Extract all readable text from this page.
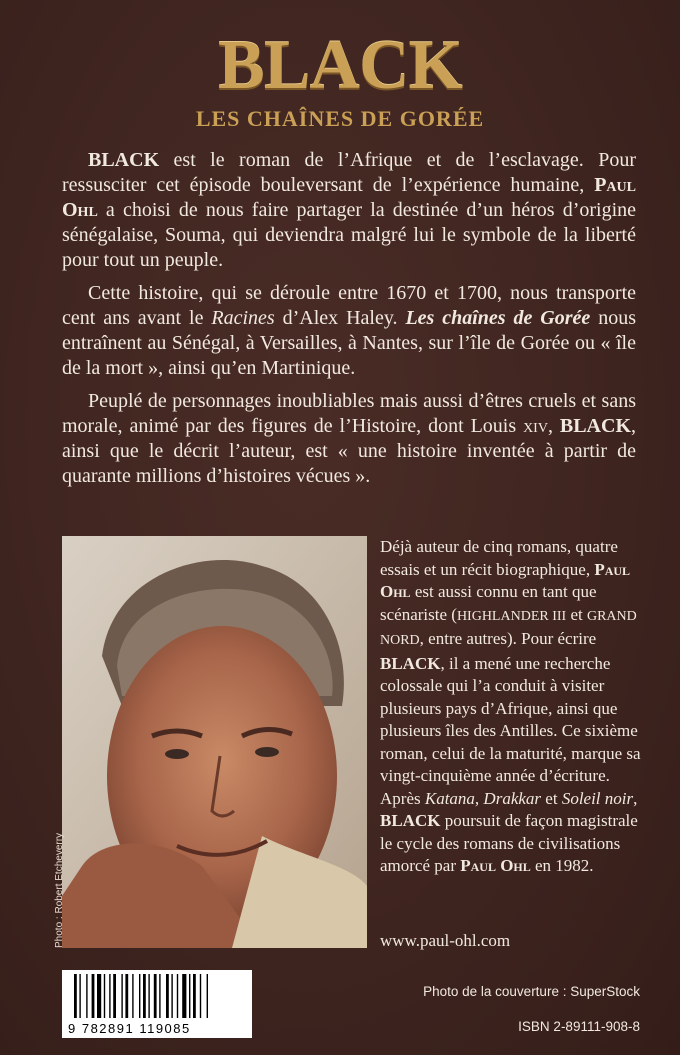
BLACK
LES CHAÎNES DE GORÉE

BLACK est le roman de l’Afrique et de l’esclavage. Pour ressusciter cet épisode bouleversant de l’expérience humaine, Paul Ohl a choisi de nous faire partager la destinée d’un héros d’origine sénégalaise, Souma, qui deviendra malgré lui le symbole de la liberté pour tout un peuple.

Cette histoire, qui se déroule entre 1670 et 1700, nous transporte cent ans avant le Racines d’Alex Haley. Les chaînes de Gorée nous entraînent au Sénégal, à Versailles, à Nantes, sur l’île de Gorée ou « île de la mort », ainsi qu’en Martinique.

Peuplé de personnages inoubliables mais aussi d’êtres cruels et sans morale, animé par des figures de l’Histoire, dont Louis xiv, BLACK, ainsi que le décrit l’auteur, est « une histoire inventée à partir de quarante millions d’histoires vécues ».

Photo : Robert Etcheverry
Déjà auteur de cinq romans, quatre essais et un récit biographique, Paul Ohl est aussi connu en tant que scénariste (HIGHLANDER III et GRAND NORD, entre autres). Pour écrire BLACK, il a mené une recherche colossale qui l’a conduit à visiter plusieurs pays d’Afrique, ainsi que plusieurs îles des Antilles. Ce sixième roman, celui de la maturité, marque sa vingt-cinquième année d’écriture. Après Katana, Drakkar et Soleil noir, BLACK poursuit de façon magistrale le cycle des romans de civilisations amorcé par Paul Ohl en 1982.
www.paul-ohl.com
9 782891 119085
Photo de la couverture : SuperStock
ISBN 2-89111-908-8
